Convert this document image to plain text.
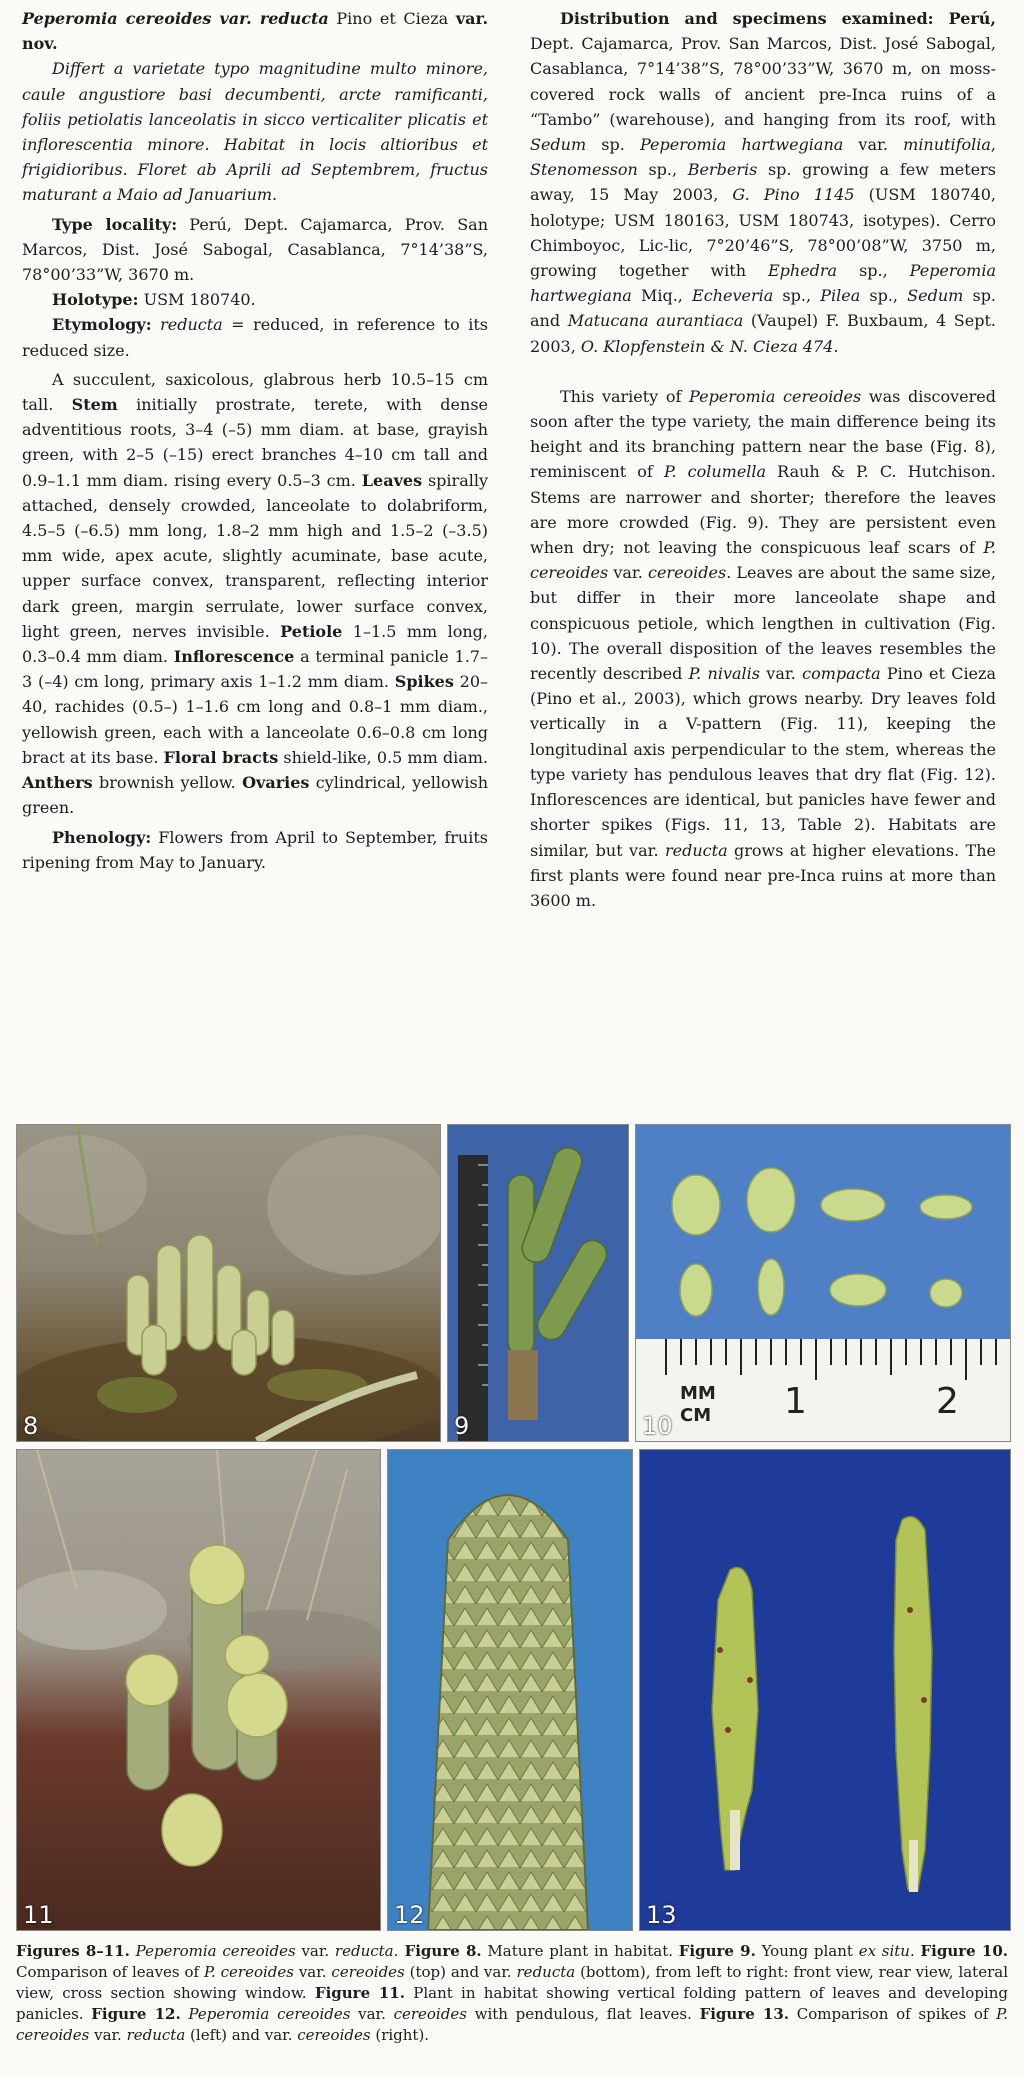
Peperomia cereoides var. reducta Pino et Cieza var. nov.

Differt a varietate typo magnitudine multo minore, caule angustiore basi decumbenti, arcte ramificanti, foliis petiolatis lanceolatis in sicco verticaliter plicatis et inflorescentia minore. Habitat in locis altioribus et frigidioribus. Floret ab Aprili ad Septembrem, fructus maturant a Maio ad Januarium.

Type locality: Perú, Dept. Cajamarca, Prov. San Marcos, Dist. José Sabogal, Casablanca, 7°14’38”S, 78°00’33”W, 3670 m.

Holotype: USM 180740.

Etymology: reducta = reduced, in reference to its reduced size.

A succulent, saxicolous, glabrous herb 10.5–15 cm tall. Stem initially prostrate, terete, with dense adventitious roots, 3–4 (–5) mm diam. at base, grayish green, with 2–5 (–15) erect branches 4–10 cm tall and 0.9–1.1 mm diam. rising every 0.5–3 cm. Leaves spirally attached, densely crowded, lanceolate to dolabriform, 4.5–5 (–6.5) mm long, 1.8–2 mm high and 1.5–2 (–3.5) mm wide, apex acute, slightly acuminate, base acute, upper surface convex, transparent, reflecting interior dark green, margin serrulate, lower surface convex, light green, nerves invisible. Petiole 1–1.5 mm long, 0.3–0.4 mm diam. Inflorescence a terminal panicle 1.7–3 (–4) cm long, primary axis 1–1.2 mm diam. Spikes 20–40, rachides (0.5–) 1–1.6 cm long and 0.8–1 mm diam., yellowish green, each with a lanceolate 0.6–0.8 cm long bract at its base. Floral bracts shield-like, 0.5 mm diam. Anthers brownish yellow. Ovaries cylindrical, yellowish green.

Phenology: Flowers from April to September, fruits ripening from May to January.

Distribution and specimens examined: Perú, Dept. Cajamarca, Prov. San Marcos, Dist. José Sabogal, Casablanca, 7°14’38”S, 78°00’33”W, 3670 m, on moss-covered rock walls of ancient pre-Inca ruins of a “Tambo” (warehouse), and hanging from its roof, with Sedum sp. Peperomia hartwegiana var. minutifolia, Stenomesson sp., Berberis sp. growing a few meters away, 15 May 2003, G. Pino 1145 (USM 180740, holotype; USM 180163, USM 180743, isotypes). Cerro Chimboyoc, Lic-lic, 7°20’46”S, 78°00’08”W, 3750 m, growing together with Ephedra sp., Peperomia hartwegiana Miq., Echeveria sp., Pilea sp., Sedum sp. and Matucana aurantiaca (Vaupel) F. Buxbaum, 4 Sept. 2003, O. Klopfenstein & N. Cieza 474.

This variety of Peperomia cereoides was discovered soon after the type variety, the main difference being its height and its branching pattern near the base (Fig. 8), reminiscent of P. columella Rauh & P. C. Hutchison. Stems are narrower and shorter; therefore the leaves are more crowded (Fig. 9). They are persistent even when dry; not leaving the conspicuous leaf scars of P. cereoides var. cereoides. Leaves are about the same size, but differ in their more lanceolate shape and conspicuous petiole, which lengthen in cultivation (Fig. 10). The overall disposition of the leaves resembles the recently described P. nivalis var. compacta Pino et Cieza (Pino et al., 2003), which grows nearby. Dry leaves fold vertically in a V-pattern (Fig. 11), keeping the longitudinal axis perpendicular to the stem, whereas the type variety has pendulous leaves that dry flat (Fig. 12). Inflorescences are identical, but panicles have fewer and shorter spikes (Figs. 11, 13, Table 2). Habitats are similar, but var. reducta grows at higher elevations. The first plants were found near pre-Inca ruins at more than 3600 m.

8	9
MM
CM 1	2
10
11	12	13
Figures 8–11. Peperomia cereoides var. reducta. Figure 8. Mature plant in habitat. Figure 9. Young plant ex situ. Figure 10. Comparison of leaves of P. cereoides var. cereoides (top) and var. reducta (bottom), from left to right: front view, rear view, lateral view, cross section showing window. Figure 11. Plant in habitat showing vertical folding pattern of leaves and developing panicles. Figure 12. Peperomia cereoides var. cereoides with pendulous, flat leaves. Figure 13. Comparison of spikes of P. cereoides var. reducta (left) and var. cereoides (right).
